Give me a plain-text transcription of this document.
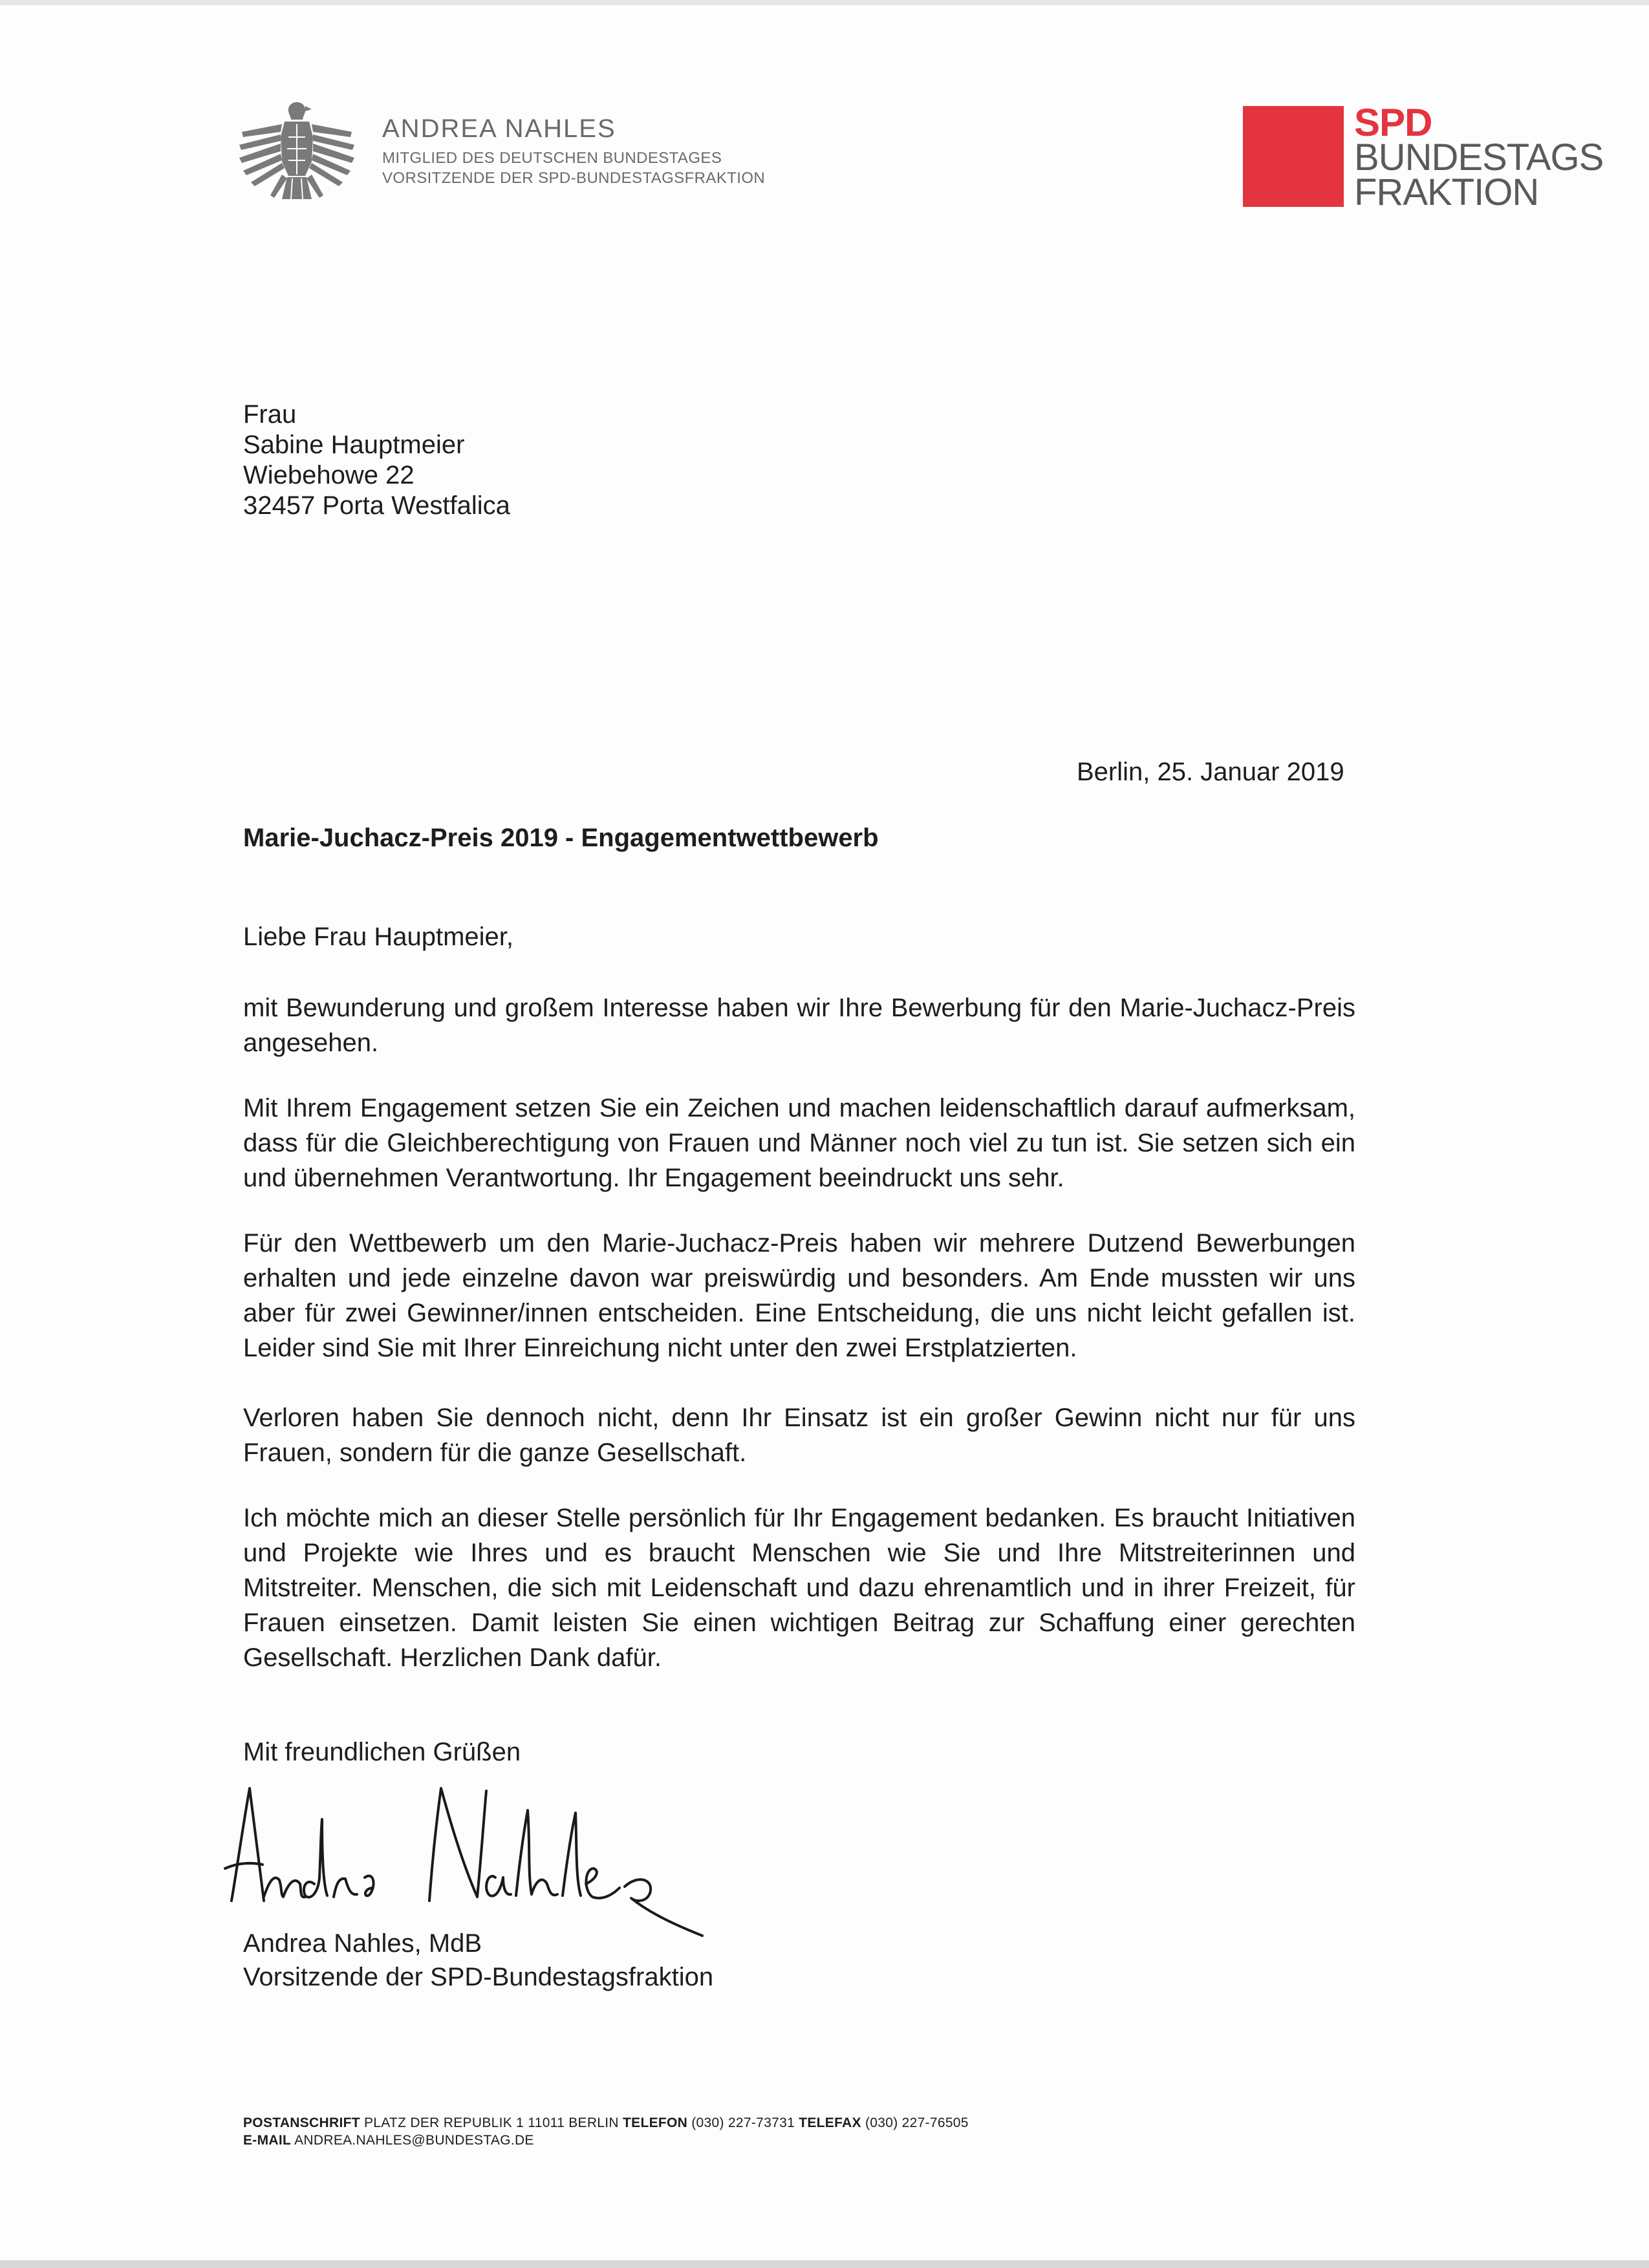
ANDREA NAHLES
MITGLIED DES DEUTSCHEN BUNDESTAGES
VORSITZENDE DER SPD-BUNDESTAGSFRAKTION
SPD
BUNDESTAGS
FRAKTION
Frau
Sabine Hauptmeier
Wiebehowe 22
32457 Porta Westfalica
Berlin, 25. Januar 2019
Marie-Juchacz-Preis 2019 - Engagementwettbewerb
Liebe Frau Hauptmeier,
mit Bewunderung und großem Interesse haben wir Ihre Bewerbung für den Marie-Juchacz-Preis angesehen.
Mit Ihrem Engagement setzen Sie ein Zeichen und machen leidenschaftlich darauf aufmerksam, dass für die Gleichberechtigung von Frauen und Männer noch viel zu tun ist. Sie setzen sich ein und übernehmen Verantwortung. Ihr Engagement beeindruckt uns sehr.
Für den Wettbewerb um den Marie-Juchacz-Preis haben wir mehrere Dutzend Bewerbungen erhalten und jede einzelne davon war preiswürdig und besonders. Am Ende mussten wir uns aber für zwei Gewinner/innen entscheiden. Eine Entscheidung, die uns nicht leicht gefallen ist. Leider sind Sie mit Ihrer Einreichung nicht unter den zwei Erstplatzierten.
Verloren haben Sie dennoch nicht, denn Ihr Einsatz ist ein großer Gewinn nicht nur für uns Frauen, sondern für die ganze Gesellschaft.
Ich möchte mich an dieser Stelle persönlich für Ihr Engagement bedanken. Es braucht Initiativen und Projekte wie Ihres und es braucht Menschen wie Sie und Ihre Mitstreiterinnen und Mitstreiter. Menschen, die sich mit Leidenschaft und dazu ehrenamtlich und in ihrer Freizeit, für Frauen einsetzen. Damit leisten Sie einen wichtigen Beitrag zur Schaffung einer gerechten Gesellschaft. Herzlichen Dank dafür.
Mit freundlichen Grüßen
Andrea Nahles, MdB
Vorsitzende der SPD-Bundestagsfraktion
POSTANSCHRIFT PLATZ DER REPUBLIK 1 11011 BERLIN TELEFON (030) 227-73731 TELEFAX (030) 227-76505
E-MAIL ANDREA.NAHLES@BUNDESTAG.DE
